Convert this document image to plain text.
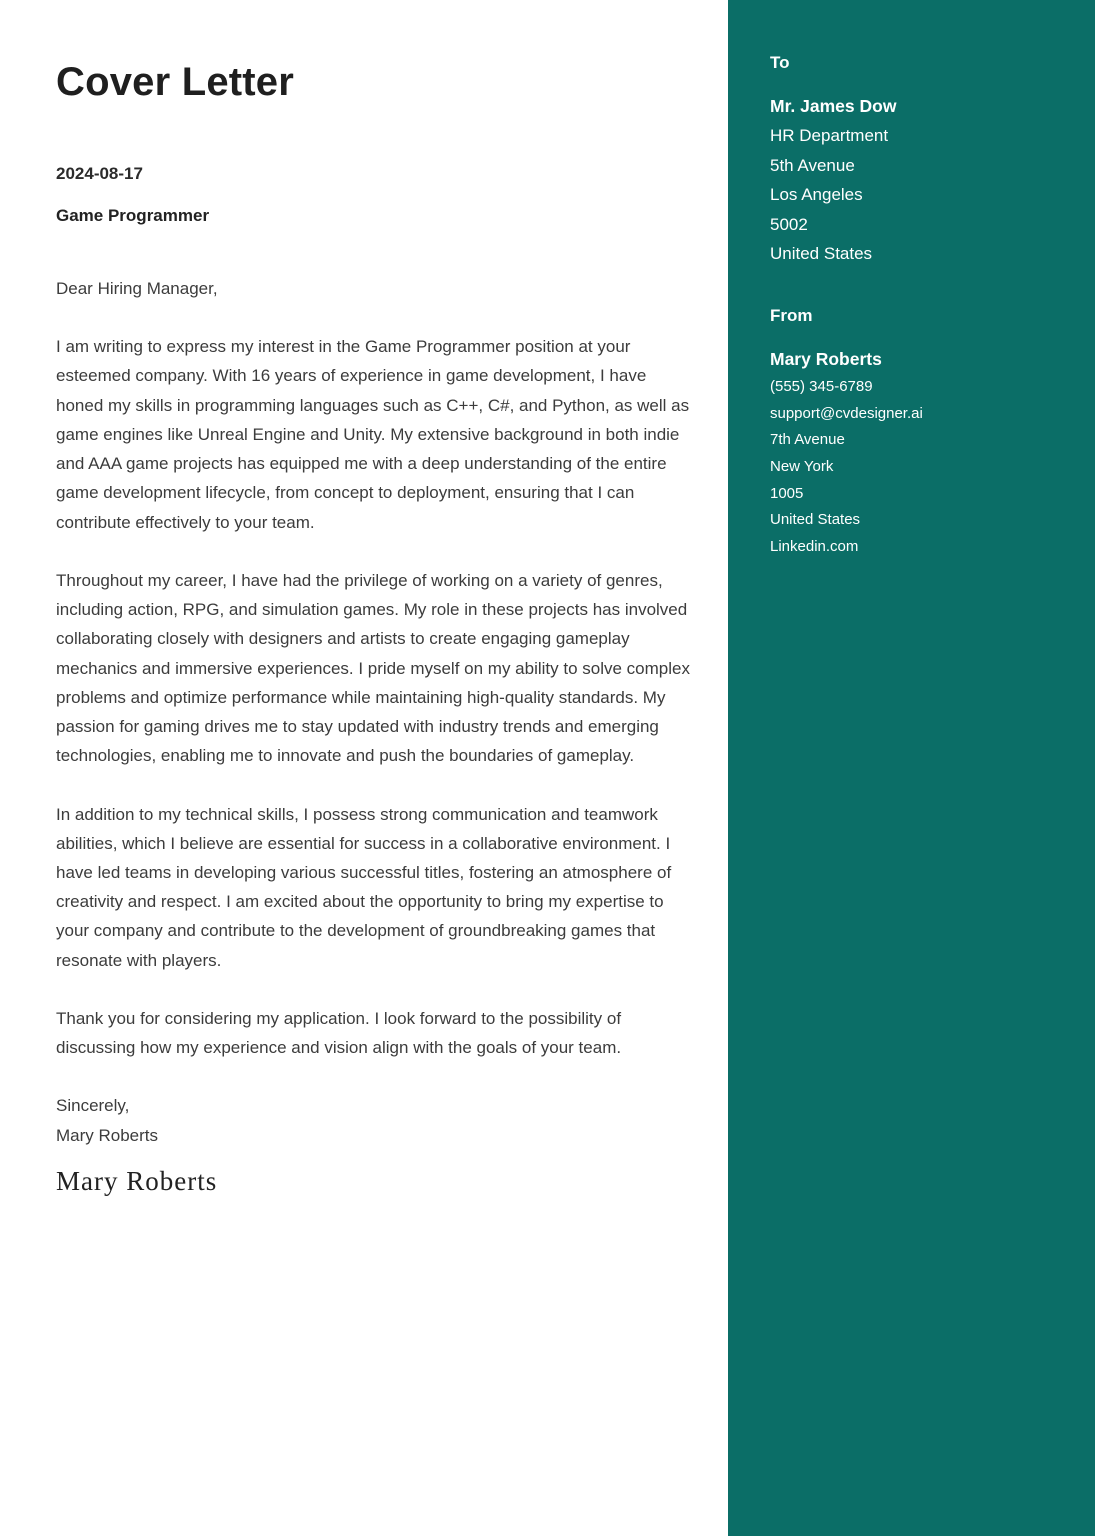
Cover Letter

2024-08-17

Game Programmer

Dear Hiring Manager,

I am writing to express my interest in the Game Programmer position at your esteemed company. With 16 years of experience in game development, I have honed my skills in programming languages such as C++, C#, and Python, as well as game engines like Unreal Engine and Unity. My extensive background in both indie and AAA game projects has equipped me with a deep understanding of the entire game development lifecycle, from concept to deployment, ensuring that I can contribute effectively to your team.

Throughout my career, I have had the privilege of working on a variety of genres, including action, RPG, and simulation games. My role in these projects has involved collaborating closely with designers and artists to create engaging gameplay mechanics and immersive experiences. I pride myself on my ability to solve complex problems and optimize performance while maintaining high-quality standards. My passion for gaming drives me to stay updated with industry trends and emerging technologies, enabling me to innovate and push the boundaries of gameplay.

In addition to my technical skills, I possess strong communication and teamwork abilities, which I believe are essential for success in a collaborative environment. I have led teams in developing various successful titles, fostering an atmosphere of creativity and respect. I am excited about the opportunity to bring my expertise to your company and contribute to the development of groundbreaking games that resonate with players.

Thank you for considering my application. I look forward to the possibility of discussing how my experience and vision align with the goals of your team.

Sincerely,
Mary Roberts
Mary Roberts
To

Mr. James Dow

HR Department

5th Avenue

Los Angeles

5002

United States

From

Mary Roberts

(555) 345-6789

support@cvdesigner.ai

7th Avenue

New York

1005

United States

Linkedin.com
